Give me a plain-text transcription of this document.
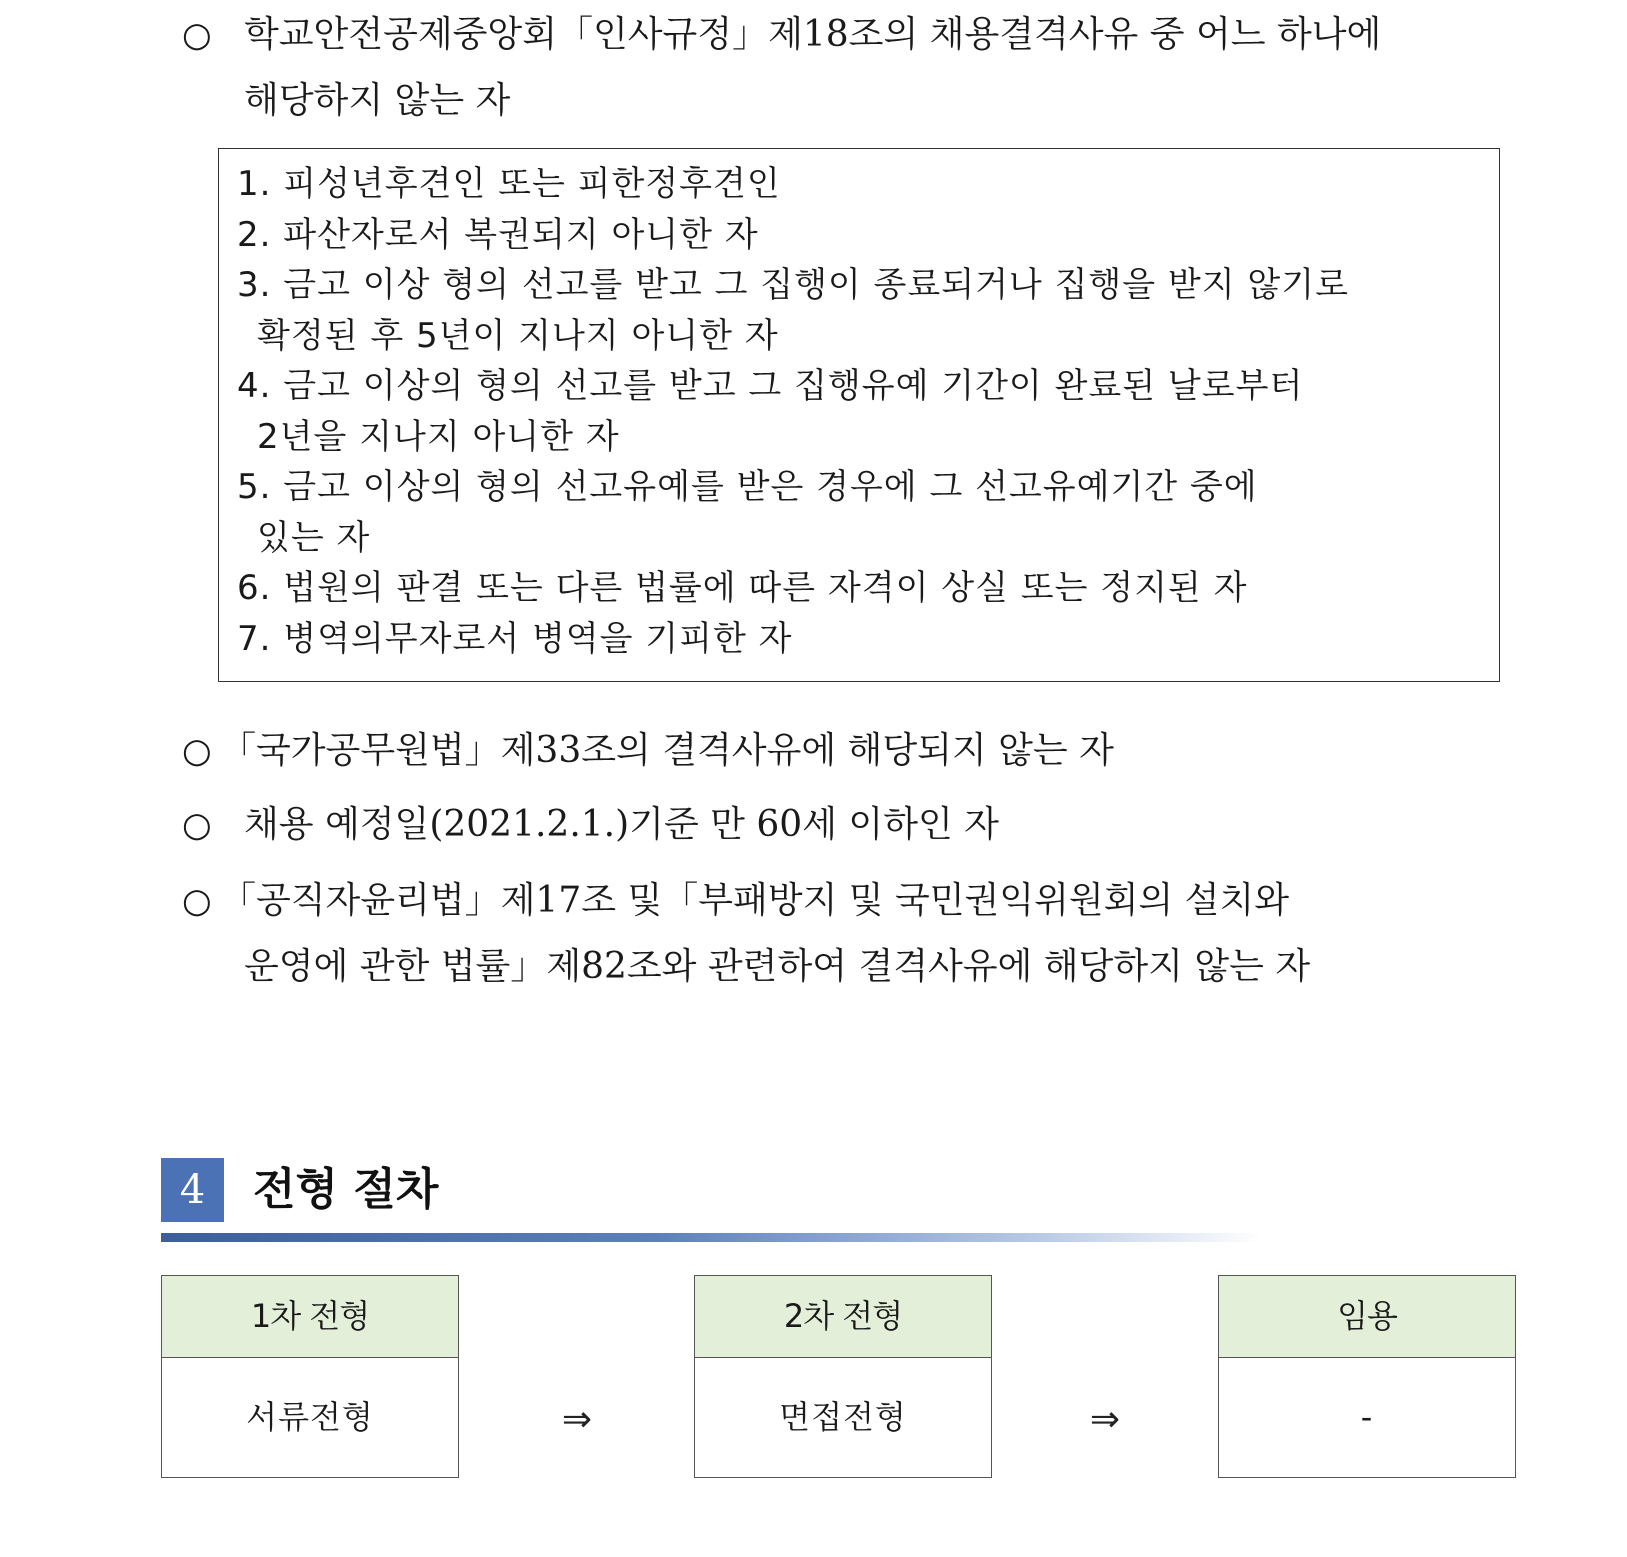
○ 학교안전공제중앙회「인사규정」제18조의 채용결격사유 중 어느 하나에
해당하지 않는 자
1. 피성년후견인 또는 피한정후견인
2. 파산자로서 복권되지 아니한 자
3. 금고 이상 형의 선고를 받고 그 집행이 종료되거나 집행을 받지 않기로
확정된 후 5년이 지나지 아니한 자
4. 금고 이상의 형의 선고를 받고 그 집행유예 기간이 완료된 날로부터
2년을 지나지 아니한 자
5. 금고 이상의 형의 선고유예를 받은 경우에 그 선고유예기간 중에
있는 자
6. 법원의 판결 또는 다른 법률에 따른 자격이 상실 또는 정지된 자
7. 병역의무자로서 병역을 기피한 자
○ 「국가공무원법」제33조의 결격사유에 해당되지 않는 자
○ 채용 예정일(2021.2.1.)기준 만 60세 이하인 자
○ 「공직자윤리법」제17조 및「부패방지 및 국민권익위원회의 설치와
운영에 관한 법률」제82조와 관련하여 결격사유에 해당하지 않는 자
4	전형 절차
1차 전형
서류전형	⇒
2차 전형
면접전형	⇒
임용
-
